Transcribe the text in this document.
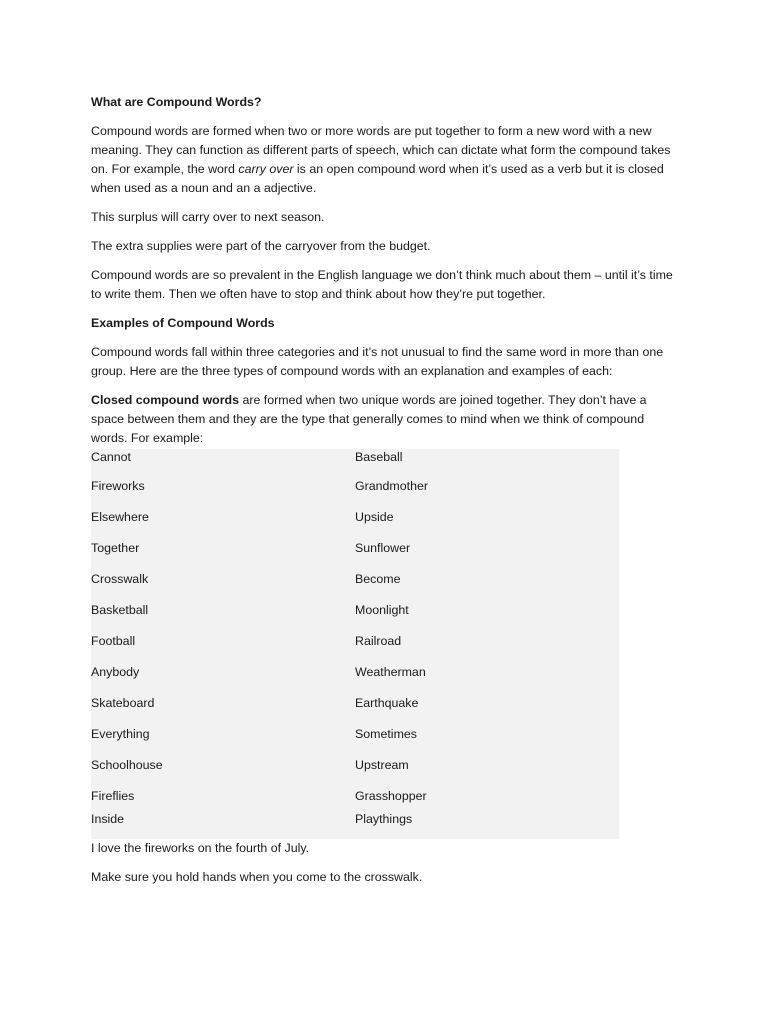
What are Compound Words?

Compound words are formed when two or more words are put together to form a new word with a new meaning. They can function as different parts of speech, which can dictate what form the compound takes on. For example, the word carry over is an open compound word when it’s used as a verb but it is closed when used as a noun and an a adjective.

This surplus will carry over to next season.

The extra supplies were part of the carryover from the budget.

Compound words are so prevalent in the English language we don’t think much about them – until it’s time to write them. Then we often have to stop and think about how they’re put together.

Examples of Compound Words

Compound words fall within three categories and it’s not unusual to find the same word in more than one group. Here are the three types of compound words with an explanation and examples of each:

Closed compound words are formed when two unique words are joined together. They don’t have a space between them and they are the type that generally comes to mind when we think of compound words. For example:

Cannot	Baseball
Fireworks	Grandmother
Elsewhere	Upside
Together	Sunflower
Crosswalk	Become
Basketball	Moonlight
Football	Railroad
Anybody	Weatherman
Skateboard	Earthquake
Everything	Sometimes
Schoolhouse	Upstream
Fireflies	Grasshopper
Inside	Playthings

I love the fireworks on the fourth of July.

Make sure you hold hands when you come to the crosswalk.
